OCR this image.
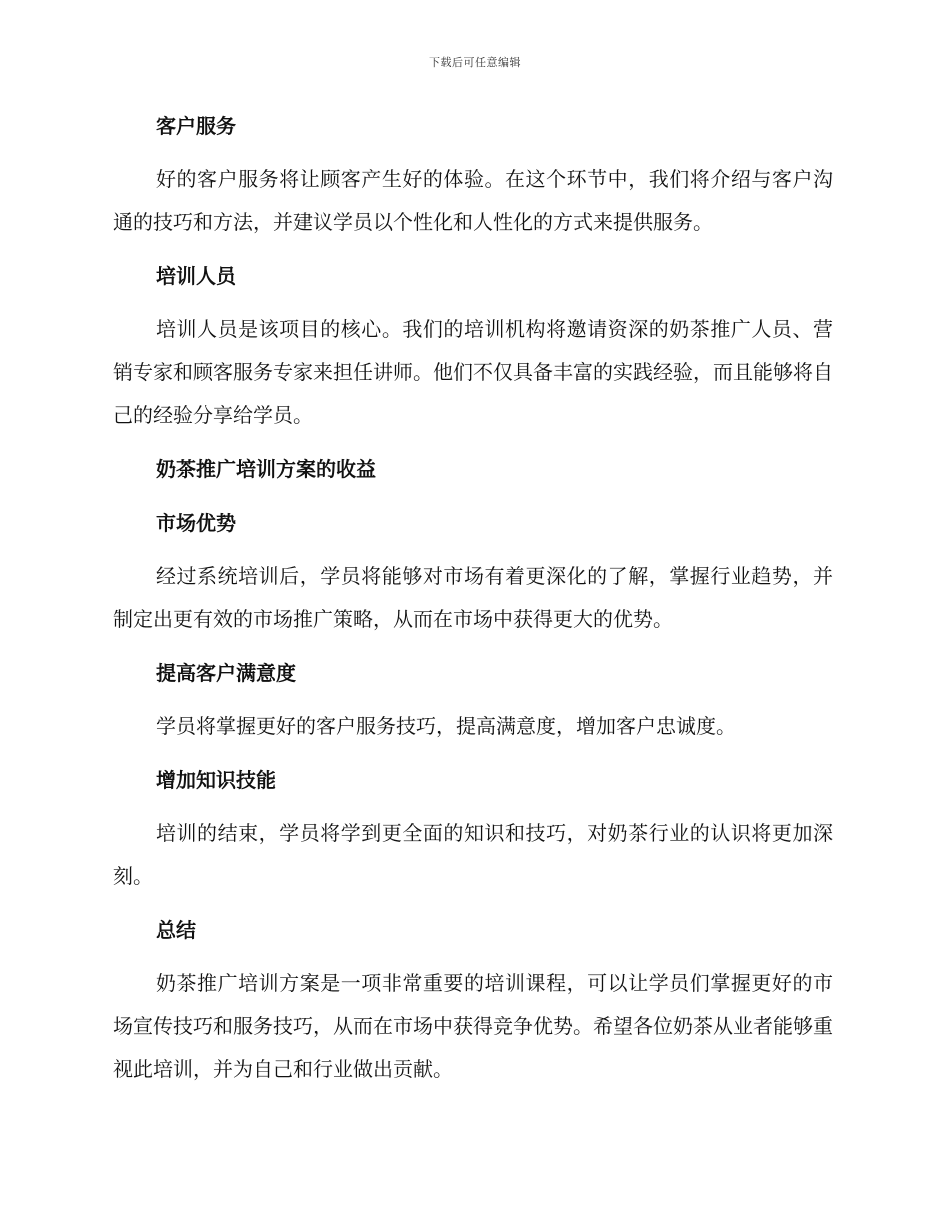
下载后可任意编辑
客户服务

好的客户服务将让顾客产生好的体验。在这个环节中，我们将介绍与客户沟通的技巧和方法，并建议学员以个性化和人性化的方式来提供服务。

培训人员

培训人员是该项目的核心。我们的培训机构将邀请资深的奶茶推广人员、营销专家和顾客服务专家来担任讲师。他们不仅具备丰富的实践经验，而且能够将自己的经验分享给学员。

奶茶推广培训方案的收益
市场优势

经过系统培训后，学员将能够对市场有着更深化的了解，掌握行业趋势，并制定出更有效的市场推广策略，从而在市场中获得更大的优势。

提高客户满意度

学员将掌握更好的客户服务技巧，提高满意度，增加客户忠诚度。

增加知识技能

培训的结束，学员将学到更全面的知识和技巧，对奶茶行业的认识将更加深刻。

总结

奶茶推广培训方案是一项非常重要的培训课程，可以让学员们掌握更好的市场宣传技巧和服务技巧，从而在市场中获得竞争优势。希望各位奶茶从业者能够重视此培训，并为自己和行业做出贡献。
